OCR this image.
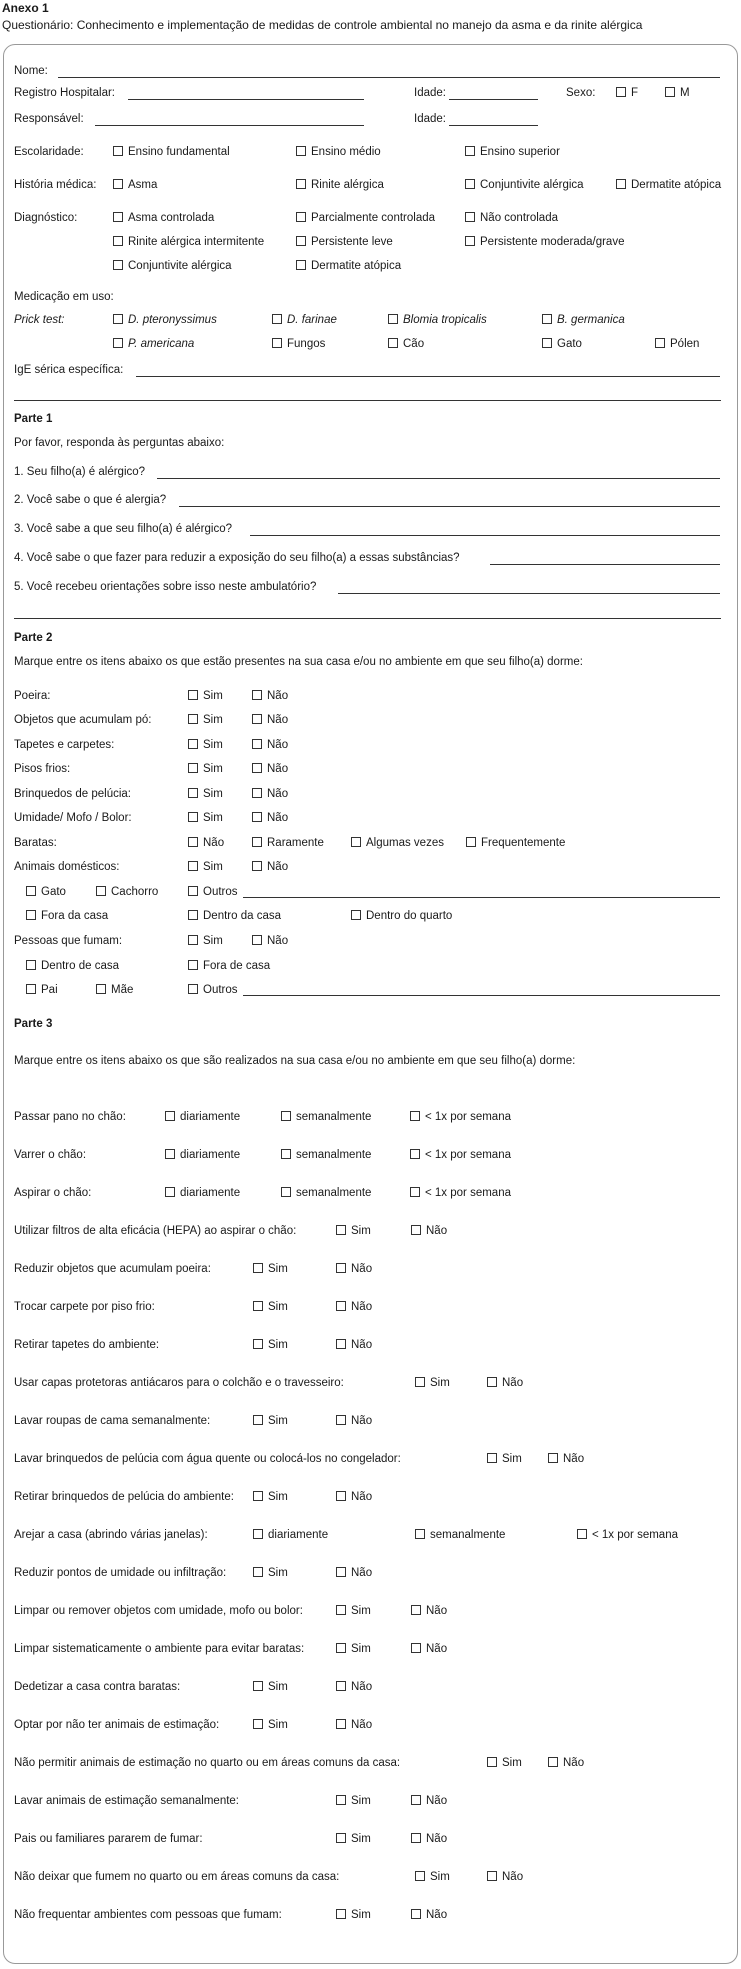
Anexo 1
Questionário: Conhecimento e implementação de medidas de controle ambiental no manejo da asma e da rinite alérgica
Nome:
Registro Hospitalar:	Idade:	Sexo:	F	M
Responsável:	Idade:
Escolaridade:	Ensino fundamental	Ensino médio	Ensino superior
História médica:	Asma	Rinite alérgica	Conjuntivite alérgica	Dermatite atópica
Diagnóstico:	Asma controlada	Parcialmente controlada	Não controlada
Rinite alérgica intermitente	Persistente leve	Persistente moderada/grave
Conjuntivite alérgica	Dermatite atópica
Medicação em uso:
Prick test:	D. pteronyssimus	D. farinae	Blomia tropicalis	B. germanica
P. americana	Fungos	Cão	Gato	Pólen
IgE sérica específica:
Parte 1
Por favor, responda às perguntas abaixo:
1. Seu filho(a) é alérgico?
2. Você sabe o que é alergia?
3. Você sabe a que seu filho(a) é alérgico?
4. Você sabe o que fazer para reduzir a exposição do seu filho(a) a essas substâncias?
5. Você recebeu orientações sobre isso neste ambulatório?
Parte 2
Marque entre os itens abaixo os que estão presentes na sua casa e/ou no ambiente em que seu filho(a) dorme:
Poeira:	Sim	Não
Objetos que acumulam pó:	Sim	Não
Tapetes e carpetes:	Sim	Não
Pisos frios:	Sim	Não
Brinquedos de pelúcia:	Sim	Não
Umidade/ Mofo / Bolor:	Sim	Não
Baratas:	Não	Raramente	Algumas vezes	Frequentemente
Animais domésticos:	Sim	Não
Gato	Cachorro	Outros
Fora da casa	Dentro da casa	Dentro do quarto
Pessoas que fumam:	Sim	Não
Dentro de casa	Fora de casa
Pai	Mãe	Outros
Parte 3
Marque entre os itens abaixo os que são realizados na sua casa e/ou no ambiente em que seu filho(a) dorme:
Passar pano no chão:	diariamente	semanalmente	< 1x por semana
Varrer o chão:	diariamente	semanalmente	< 1x por semana
Aspirar o chão:	diariamente	semanalmente	< 1x por semana
Utilizar filtros de alta eficácia (HEPA) ao aspirar o chão:	Sim	Não
Reduzir objetos que acumulam poeira:	Sim	Não
Trocar carpete por piso frio:	Sim	Não
Retirar tapetes do ambiente:	Sim	Não
Usar capas protetoras antiácaros para o colchão e o travesseiro:	Sim	Não
Lavar roupas de cama semanalmente:	Sim	Não
Lavar brinquedos de pelúcia com água quente ou colocá-los no congelador:	Sim	Não
Retirar brinquedos de pelúcia do ambiente:	Sim	Não
Arejar a casa (abrindo várias janelas):	diariamente	semanalmente	< 1x por semana
Reduzir pontos de umidade ou infiltração:	Sim	Não
Limpar ou remover objetos com umidade, mofo ou bolor:	Sim	Não
Limpar sistematicamente o ambiente para evitar baratas:	Sim	Não
Dedetizar a casa contra baratas:	Sim	Não
Optar por não ter animais de estimação:	Sim	Não
Não permitir animais de estimação no quarto ou em áreas comuns da casa:	Sim	Não
Lavar animais de estimação semanalmente:	Sim	Não
Pais ou familiares pararem de fumar:	Sim	Não
Não deixar que fumem no quarto ou em áreas comuns da casa:	Sim	Não
Não frequentar ambientes com pessoas que fumam:	Sim	Não
